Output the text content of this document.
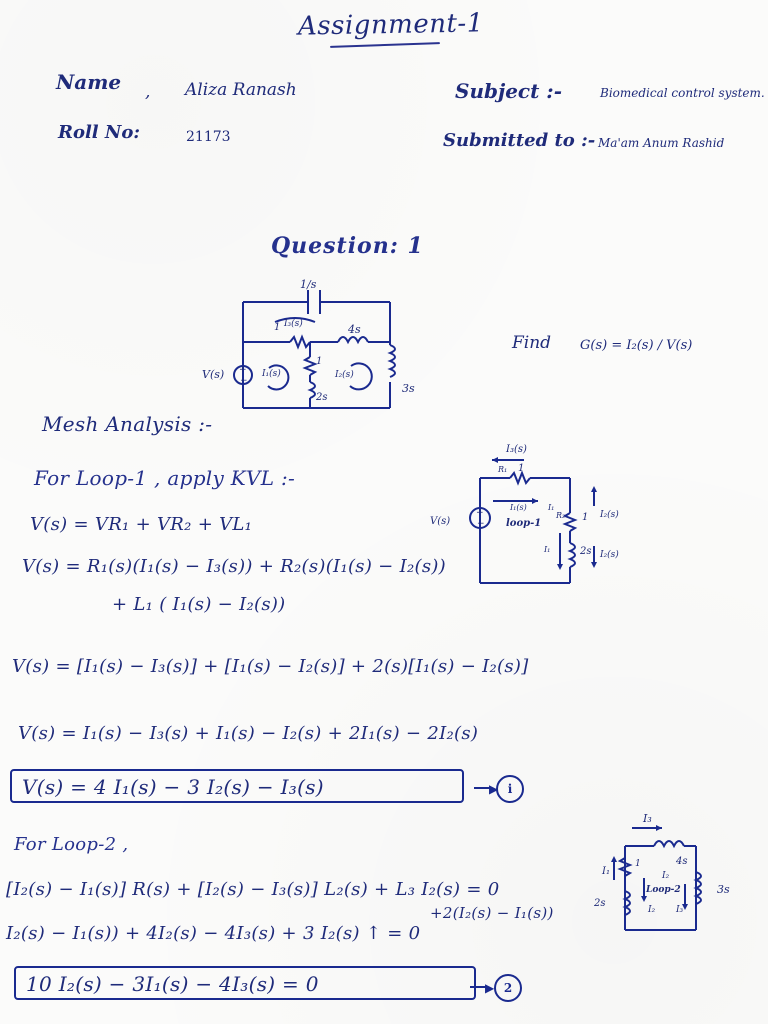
Assignment-1
Name , Aliza Ranash
Roll No:	21173
Subject :-	Biomedical control system.
Submitted to :- Ma'am Anum Rashid
Question: 1
+
−
1/s
1 I₃(s)	4s
V(s)	I₁(s)
1
I₂(s)
2s
3s
Find G(s) = I₂(s) / V(s)
Mesh Analysis :-
For Loop-1 , apply KVL :-
V(s) = VR₁ + VR₂ + VL₁
V(s) = R₁(s)(I₁(s) − I₃(s)) + R₂(s)(I₁(s) − I₂(s))
+ L₁ ( I₁(s) − I₂(s))
V(s) = [I₁(s) − I₃(s)] + [I₁(s) − I₂(s)] + 2(s)[I₁(s) − I₂(s)]
V(s) = I₁(s) − I₃(s) + I₁(s) − I₂(s) + 2I₁(s) − 2I₂(s)
V(s) = 4 I₁(s) − 3 I₂(s) − I₃(s)	▶ i
For Loop-2 ,
[I₂(s) − I₁(s)] R(s) + [I₂(s) − I₃(s)] L₂(s) + L₃ I₂(s) = 0
+2(I₂(s) − I₁(s))
I₂(s) − I₁(s)) + 4I₂(s) − 4I₃(s) + 3 I₂(s) ↑ = 0
10 I₂(s) − 3I₁(s) − 4I₃(s) = 0	▶ 2
+
−
I₃(s)
R₁ 1
V(s)
I₁(s)	I₁
loop-1
R₂ 1 I₂(s)
I₁	2s I₂(s)
I₃
4s
I₁
1
I₂
Loop-2
2s
3s
I₂ I₃
